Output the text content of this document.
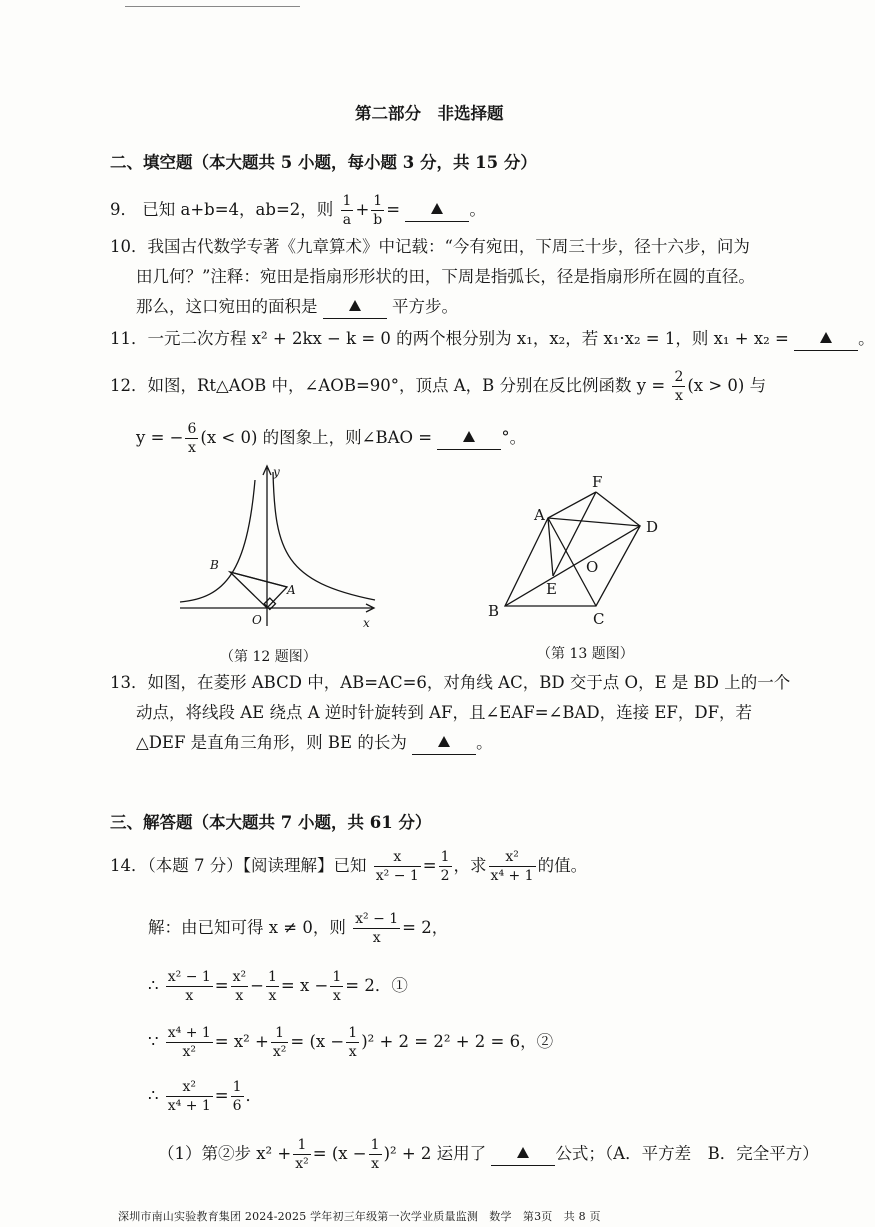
第二部分　非选择题
二、填空题（本大题共 5 小题，每小题 3 分，共 15 分）
9． 已知 a+b=4，ab=2，则 $\frac{1}{a} + \frac{1}{b}$ =	。
10．我国古代数学专著《九章算术》中记载：“今有宛田，下周三十步，径十六步，问为
田几何？”注释：宛田是指扇形形状的田，下周是指弧长，径是指扇形所在圆的直径。
那么，这口宛田的面积是	平方步。
11．一元二次方程 x² + 2kx − k = 0 的两个根分别为 x₁，x₂，若 x₁·x₂ = 1，则 x₁ + x₂ =	。
12．如图，Rt△AOB 中，∠AOB=90°，顶点 A，B 分别在反比例函数 $y = \frac{2}{x} (x > 0)$ 与
y = − $\frac{6}{x} (x < 0)$ 的图象上，则∠BAO =	°。
y
x
O
A
B
（第 12 题图）
A
B	C
D
E
F
O
（第 13 题图）
13．如图，在菱形 ABCD 中，AB=AC=6，对角线 AC，BD 交于点 O，E 是 BD 上的一个
动点，将线段 AE 绕点 A 逆时针旋转到 AF，且∠EAF=∠BAD，连接 EF，DF，若
△DEF 是直角三角形，则 BE 的长为	。
三、解答题（本大题共 7 小题，共 61 分）
14．（本题 7 分）【阅读理解】已知 $\frac{x}{\text{x² − 1}} = \frac{1}{2}$ ，求 $\frac{\text{x²}}{\text{x⁴ + 1}}$ 的值。
解：由已知可得 x ≠ 0，则 $\frac{\text{x² − 1}}{x} = 2$，
∴ $\frac{\text{x² − 1}}{x} = \frac{\text{x²}}{x} - \frac{1}{x} = x - \frac{1}{x} = 2$．①
∵ $\frac{\text{x⁴ + 1}}{\text{x²}} = x^2 + \frac{1}{\text{x²}} = (x - \frac{1}{x} )^2 + 2 = 2^2 + 2 = 6$，②
∴ $\frac{\text{x²}}{\text{x⁴ + 1}} = \frac{1}{6}$ ．
（1）第②步 $x^2 + \frac{1}{\text{x²}} = (x - \frac{1}{x} )^2 + 2$ 运用了	公式；（A．平方差　B．完全平方）
深圳市南山实验教育集团 2024-2025 学年初三年级第一次学业质量监测　数学　第3页　共 8 页
